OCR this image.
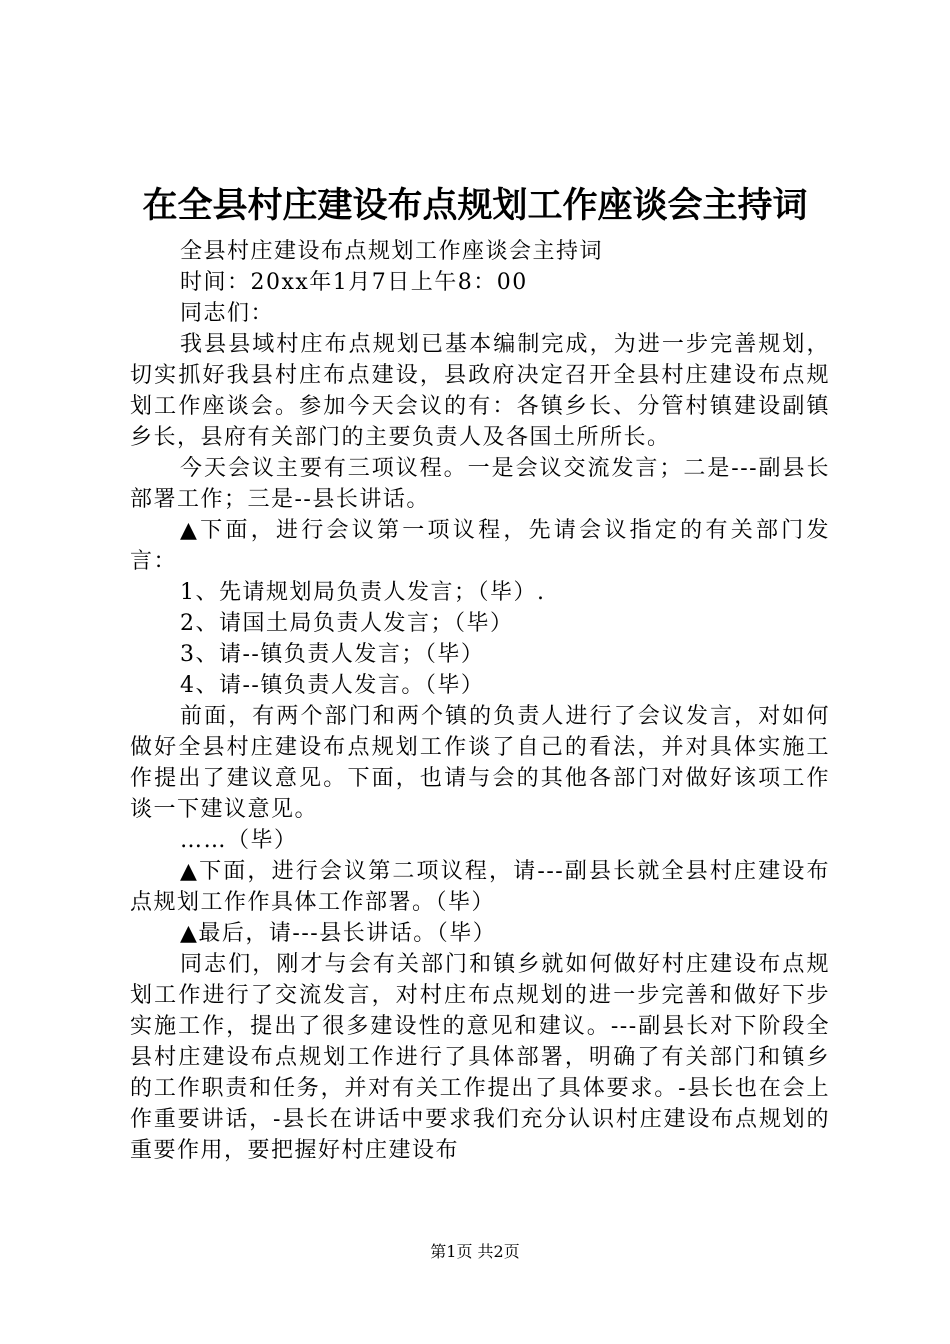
在全县村庄建设布点规划工作座谈会主持词

全县村庄建设布点规划工作座谈会主持词

时间：20xx年1月7日上午8：00

同志们：

我县县域村庄布点规划已基本编制完成，为进一步完善规划，切实抓好我县村庄布点建设，县政府决定召开全县村庄建设布点规划工作座谈会。参加今天会议的有：各镇乡长、分管村镇建设副镇乡长，县府有关部门的主要负责人及各国土所所长。

今天会议主要有三项议程。一是会议交流发言；二是---副县长部署工作；三是--县长讲话。

▲下面，进行会议第一项议程，先请会议指定的有关部门发言：

1、先请规划局负责人发言；（毕）.

2、请国土局负责人发言；（毕）

3、请--镇负责人发言；（毕）

4、请--镇负责人发言。（毕）

前面，有两个部门和两个镇的负责人进行了会议发言，对如何做好全县村庄建设布点规划工作谈了自己的看法，并对具体实施工作提出了建议意见。下面，也请与会的其他各部门对做好该项工作谈一下建议意见。

……（毕）

▲下面，进行会议第二项议程，请---副县长就全县村庄建设布点规划工作作具体工作部署。（毕）

▲最后，请---县长讲话。（毕）

同志们，刚才与会有关部门和镇乡就如何做好村庄建设布点规划工作进行了交流发言，对村庄布点规划的进一步完善和做好下步实施工作，提出了很多建设性的意见和建议。---副县长对下阶段全县村庄建设布点规划工作进行了具体部署，明确了有关部门和镇乡的工作职责和任务，并对有关工作提出了具体要求。-县长也在会上作重要讲话，-县长在讲话中要求我们充分认识村庄建设布点规划的重要作用，要把握好村庄建设布

第1页 共2页
